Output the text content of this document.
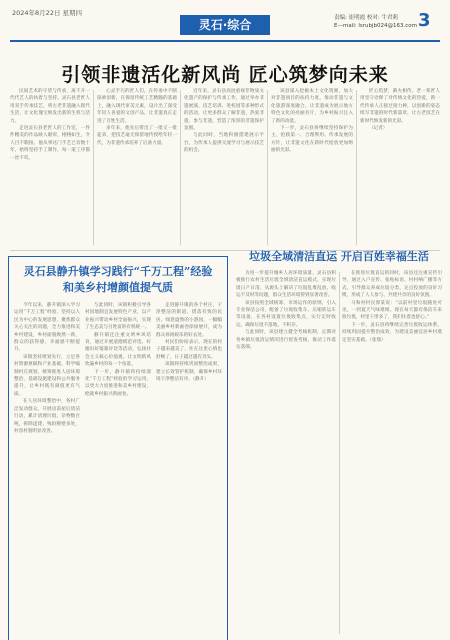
2024年8月22日 星期四
灵石·综合	责编: 崔明霞 校对: 牛君莉
E—mail: lsrubjb024@163.com 3
引领非遗活化新风尚 匠心筑梦向未来

民间艺术的守望与传承，离不开一代代艺人的执着与坚持。灵石县老匠人用双手传承技艺，将古老非遗融入现代生活，让文化瑰宝焕发出新的生机与活力。

走进灵石县老匠人的工作室，一件件精美的作品映入眼帘，栩栩如生，令人目不暇接。他从事这门手艺已有数十年，始终坚持手工制作，每一道工序都一丝不苟。

心灵手巧的匠人们，在传承中不断探索创新，在保留传统工艺精髓的基础上，融入现代审美元素，设计出了深受年轻人喜爱的文创产品，让非遗真正走进了百姓生活。

多年来，他先后带出了一批又一批徒弟，把技艺毫无保留地传授给年轻一代，为非遗传承培养了后备力量。

近年来，灵石县高度重视非物质文化遗产的保护与传承工作，通过举办非遗展演、技艺培训、进校园等多种形式的活动，让更多群众了解非遗、热爱非遗、参与非遗，营造了浓厚的非遗保护氛围。

与此同时，当地积极搭建展示平台，为传承人提供交流学习与展示技艺的机会。

该县深入挖掘本土文化资源，加大对非遗项目的扶持力度，推动非遗与文化旅游深度融合，让非遗成为展示地方特色文化的亮丽名片，为乡村振兴注入了新的动能。

下一步，灵石县将继续坚持保护为主、抢救第一、合理利用、传承发展的方针，让非遗文化在新时代绽放更加绚丽的光彩。

匠心筑梦，薪火相传。老一辈匠人用坚守诠释了对传统文化的热爱，新一代传承人正接过接力棒，以创新的姿态续写非遗的时代新篇章，让古老技艺在新时代焕发新的光彩。

（记者）

灵石县静升镇学习践行“千万工程”经验
和美乡村增颜值提气质

今年以来，静升镇深入学习运用“千万工程”经验，坚持以人民为中心的发展思想，聚焦群众关心关注的问题，全力推进和美乡村建设，乡村面貌焕然一新，群众的获得感、幸福感不断提升。

该镇坚持规划先行，立足各村资源禀赋和产业基础，科学编制村庄规划，统筹推进人居环境整治、基础设施建设和公共服务提升，让乡村既有颜值更有气质。

在人居环境整治中，各村广泛发动群众，开展房前屋后清洁行动，累计清理垃圾、杂物数百吨，拆除违建、残垣断壁多处，村容村貌明显改善。

与此同时，该镇积极引导各村因地制宜发展特色产业，以产业振兴带动乡村全面振兴，实现了生态美与百姓富的有机统一。

静升镇还注重文明乡风培育，通过开展道德模范评选、好媳妇好婆婆评比等活动，弘扬社会主义核心价值观，让文明新风吹遍乡村的每一个角落。

下一步，静升镇将持续深化“千万工程”经验的学习运用，以更大力度推进和美乡村建设，绘就乡村振兴新画卷。

走进静升镇的各个村庄，干净整洁的街道、错落有致的民居、绿意盎然的小游园，一幅幅美丽乡村新画卷徐徐展开，成为群众休闲娱乐的好去处。

村民们纷纷表示，现在的村子越来越美了，住在这里心情也舒畅了，日子越过越有奔头。

该镇将持续巩固整治成果，建立长效管护机制，确保乡村环境干净整洁有序。（静升）

垃圾全域清洁直运 开启百姓幸福生活

为进一步提升城乡人居环境质量，灵石县积极推行农村生活垃圾全域清洁直运模式，实现垃圾日产日清，从源头上解决了垃圾乱堆乱放、收运不及时等问题，群众生活环境得到显著改善。

该县按照全域统筹、市场运作的原则，引入专业保洁公司，配备了垃圾收集车、压缩转运车等设备，在各村设置垃圾收集点，实行定时收运，确保垃圾不落地、不积存。

与此同时，该县建立健全考核机制，定期对各乡镇垃圾清运情况进行督查考核，推动工作落实落细。

在推进垃圾直运的同时，该县还注重宣传引导，通过入户宣传、张贴标语、村村响广播等方式，引导群众养成垃圾分类、定点投放的良好习惯，形成了人人参与、共建共享的良好氛围。

马和村村民郭某说：“以前村里垃圾随处可见，一到夏天气味难闻。现在每天都有保洁车来收垃圾，村里干净多了，我们住着也舒心。”

下一步，灵石县将继续完善垃圾收运体系，持续巩固提升整治成效，为建设美丽宜居乡村奠定坚实基础。（张瑞）
